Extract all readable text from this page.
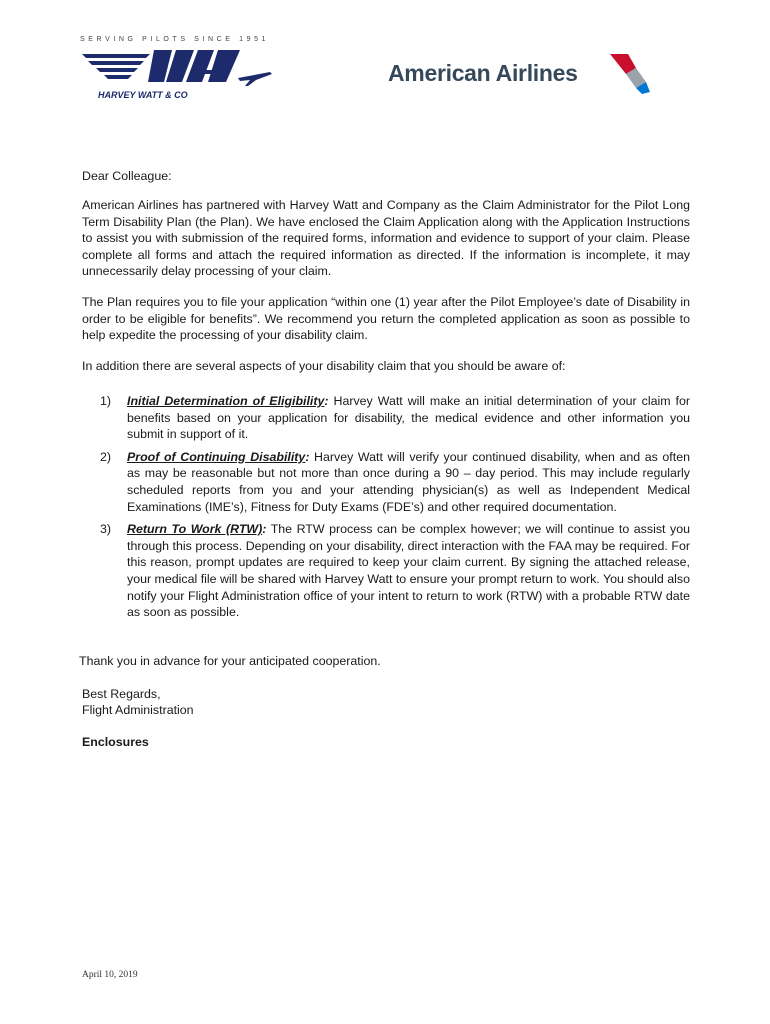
SERVING PILOTS SINCE 1951
HARVEY WATT & CO
American Airlines
Dear Colleague:
American Airlines has partnered with Harvey Watt and Company as the Claim Administrator for the Pilot Long Term Disability Plan (the Plan). We have enclosed the Claim Application along with the Application Instructions to assist you with submission of the required forms, information and evidence to support of your claim. Please complete all forms and attach the required information as directed. If the information is incomplete, it may unnecessarily delay processing of your claim.
The Plan requires you to file your application “within one (1) year after the Pilot Employee’s date of Disability in order to be eligible for benefits”. We recommend you return the completed application as soon as possible to help expedite the processing of your disability claim.
In addition there are several aspects of your disability claim that you should be aware of:
1) Initial Determination of Eligibility: Harvey Watt will make an initial determination of your claim for benefits based on your application for disability, the medical evidence and other information you submit in support of it.
2) Proof of Continuing Disability: Harvey Watt will verify your continued disability, when and as often as may be reasonable but not more than once during a 90 – day period. This may include regularly scheduled reports from you and your attending physician(s) as well as Independent Medical Examinations (IME’s), Fitness for Duty Exams (FDE’s) and other required documentation.
3) Return To Work (RTW): The RTW process can be complex however; we will continue to assist you through this process. Depending on your disability, direct interaction with the FAA may be required. For this reason, prompt updates are required to keep your claim current. By signing the attached release, your medical file will be shared with Harvey Watt to ensure your prompt return to work. You should also notify your Flight Administration office of your intent to return to work (RTW) with a probable RTW date as soon as possible.
Thank you in advance for your anticipated cooperation.
Best Regards,
Flight Administration
Enclosures
April 10, 2019
